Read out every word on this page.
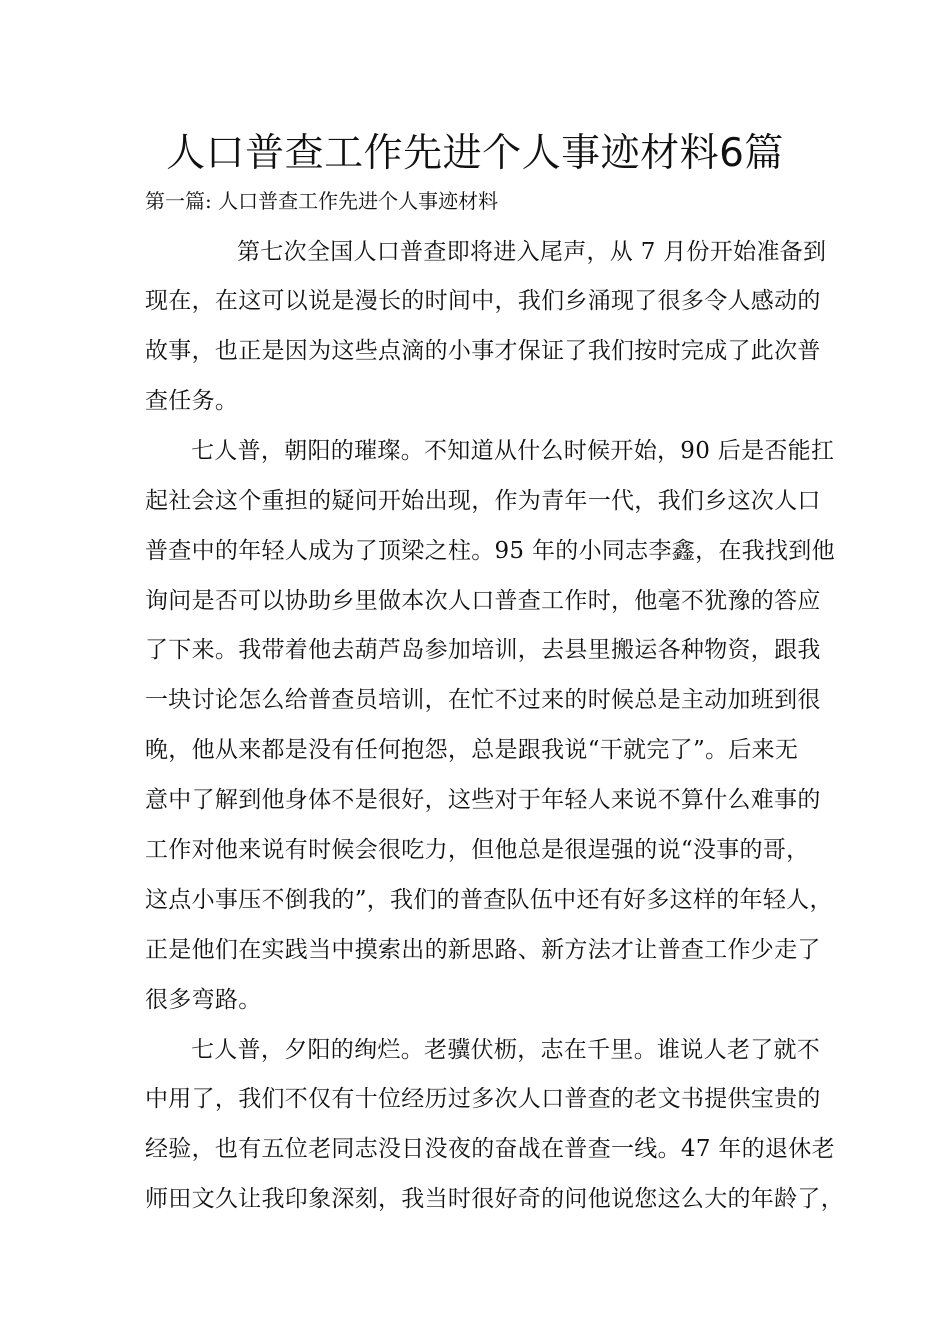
人口普查工作先进个人事迹材料6篇
第一篇: 人口普查工作先进个人事迹材料
第七次全国人口普查即将进入尾声，从 7 月份开始准备到
现在，在这可以说是漫长的时间中，我们乡涌现了很多令人感动的
故事，也正是因为这些点滴的小事才保证了我们按时完成了此次普
查任务。
七人普，朝阳的璀璨。不知道从什么时候开始，90 后是否能扛
起社会这个重担的疑问开始出现，作为青年一代，我们乡这次人口
普查中的年轻人成为了顶梁之柱。95 年的小同志李鑫，在我找到他
询问是否可以协助乡里做本次人口普查工作时，他毫不犹豫的答应
了下来。我带着他去葫芦岛参加培训，去县里搬运各种物资，跟我
一块讨论怎么给普查员培训，在忙不过来的时候总是主动加班到很
晚，他从来都是没有任何抱怨，总是跟我说“干就完了”。后来无
意中了解到他身体不是很好，这些对于年轻人来说不算什么难事的
工作对他来说有时候会很吃力，但他总是很逞强的说“没事的哥，
这点小事压不倒我的”，我们的普查队伍中还有好多这样的年轻人，
正是他们在实践当中摸索出的新思路、新方法才让普查工作少走了
很多弯路。
七人普，夕阳的绚烂。老骥伏枥，志在千里。谁说人老了就不
中用了，我们不仅有十位经历过多次人口普查的老文书提供宝贵的
经验，也有五位老同志没日没夜的奋战在普查一线。47 年的退休老
师田文久让我印象深刻，我当时很好奇的问他说您这么大的年龄了，
